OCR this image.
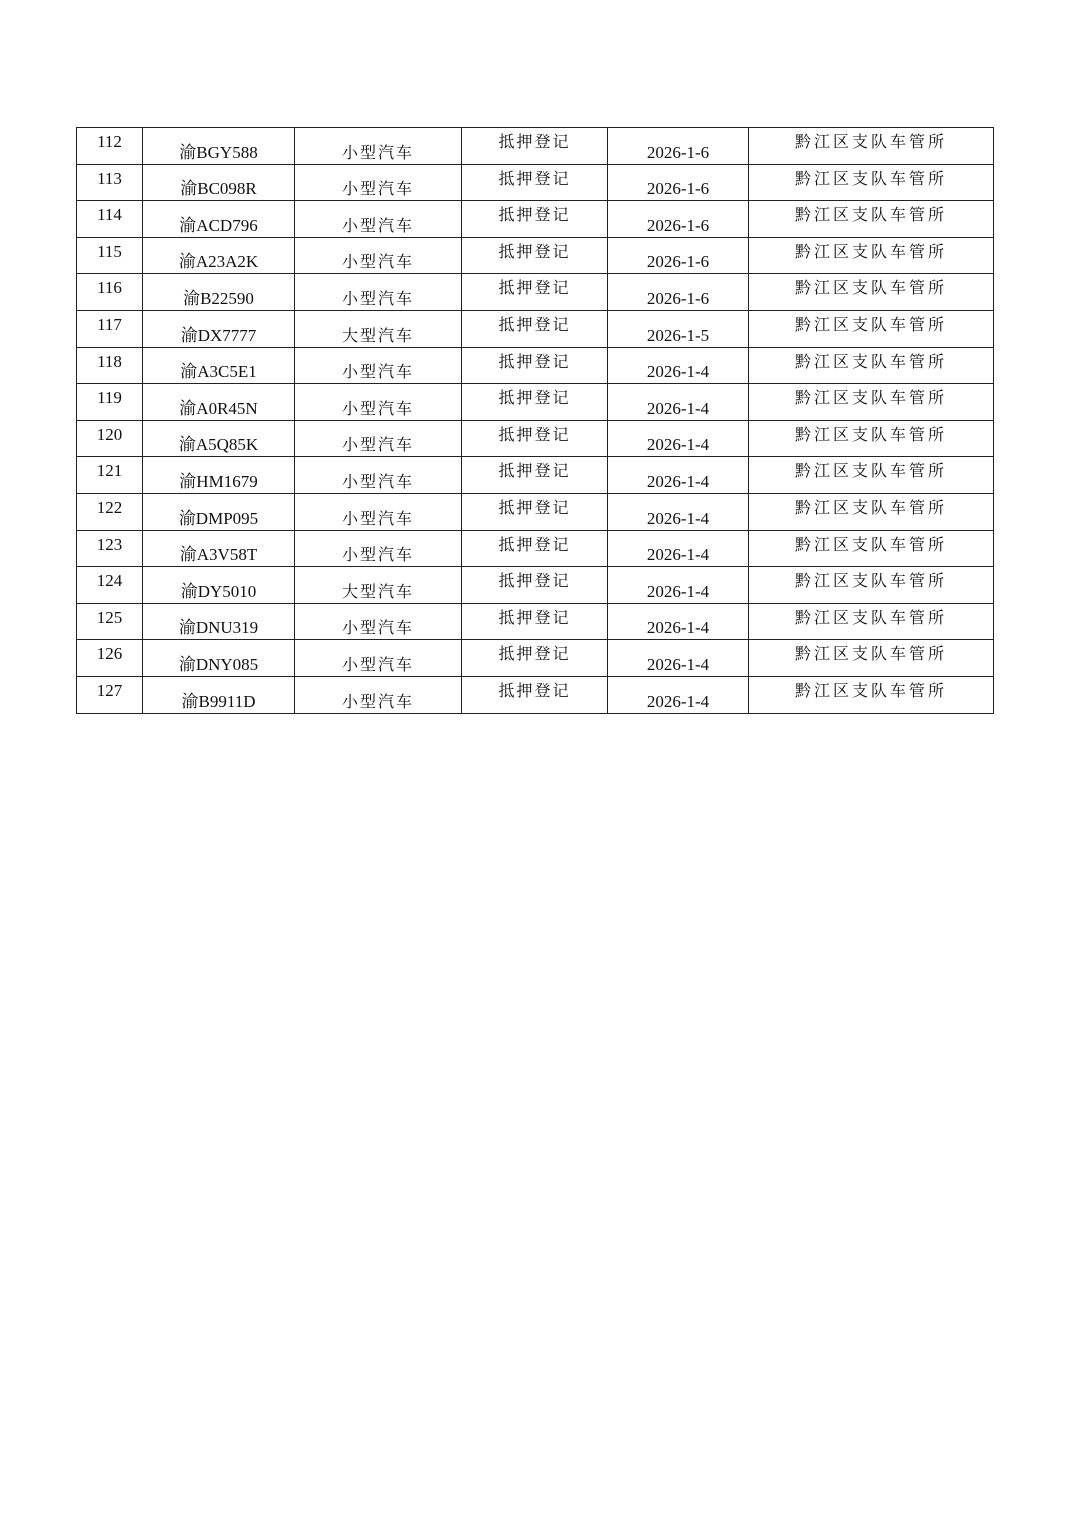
112	渝BGY588	小型汽车	抵押登记	2026-1-6	黔江区支队车管所
113	渝BC098R	小型汽车	抵押登记	2026-1-6	黔江区支队车管所
114	渝ACD796	小型汽车	抵押登记	2026-1-6	黔江区支队车管所
115	渝A23A2K	小型汽车	抵押登记	2026-1-6	黔江区支队车管所
116	渝B22590	小型汽车	抵押登记	2026-1-6	黔江区支队车管所
117	渝DX7777	大型汽车	抵押登记	2026-1-5	黔江区支队车管所
118	渝A3C5E1	小型汽车	抵押登记	2026-1-4	黔江区支队车管所
119	渝A0R45N	小型汽车	抵押登记	2026-1-4	黔江区支队车管所
120	渝A5Q85K	小型汽车	抵押登记	2026-1-4	黔江区支队车管所
121	渝HM1679	小型汽车	抵押登记	2026-1-4	黔江区支队车管所
122	渝DMP095	小型汽车	抵押登记	2026-1-4	黔江区支队车管所
123	渝A3V58T	小型汽车	抵押登记	2026-1-4	黔江区支队车管所
124	渝DY5010	大型汽车	抵押登记	2026-1-4	黔江区支队车管所
125	渝DNU319	小型汽车	抵押登记	2026-1-4	黔江区支队车管所
126	渝DNY085	小型汽车	抵押登记	2026-1-4	黔江区支队车管所
127	渝B9911D	小型汽车	抵押登记	2026-1-4	黔江区支队车管所
